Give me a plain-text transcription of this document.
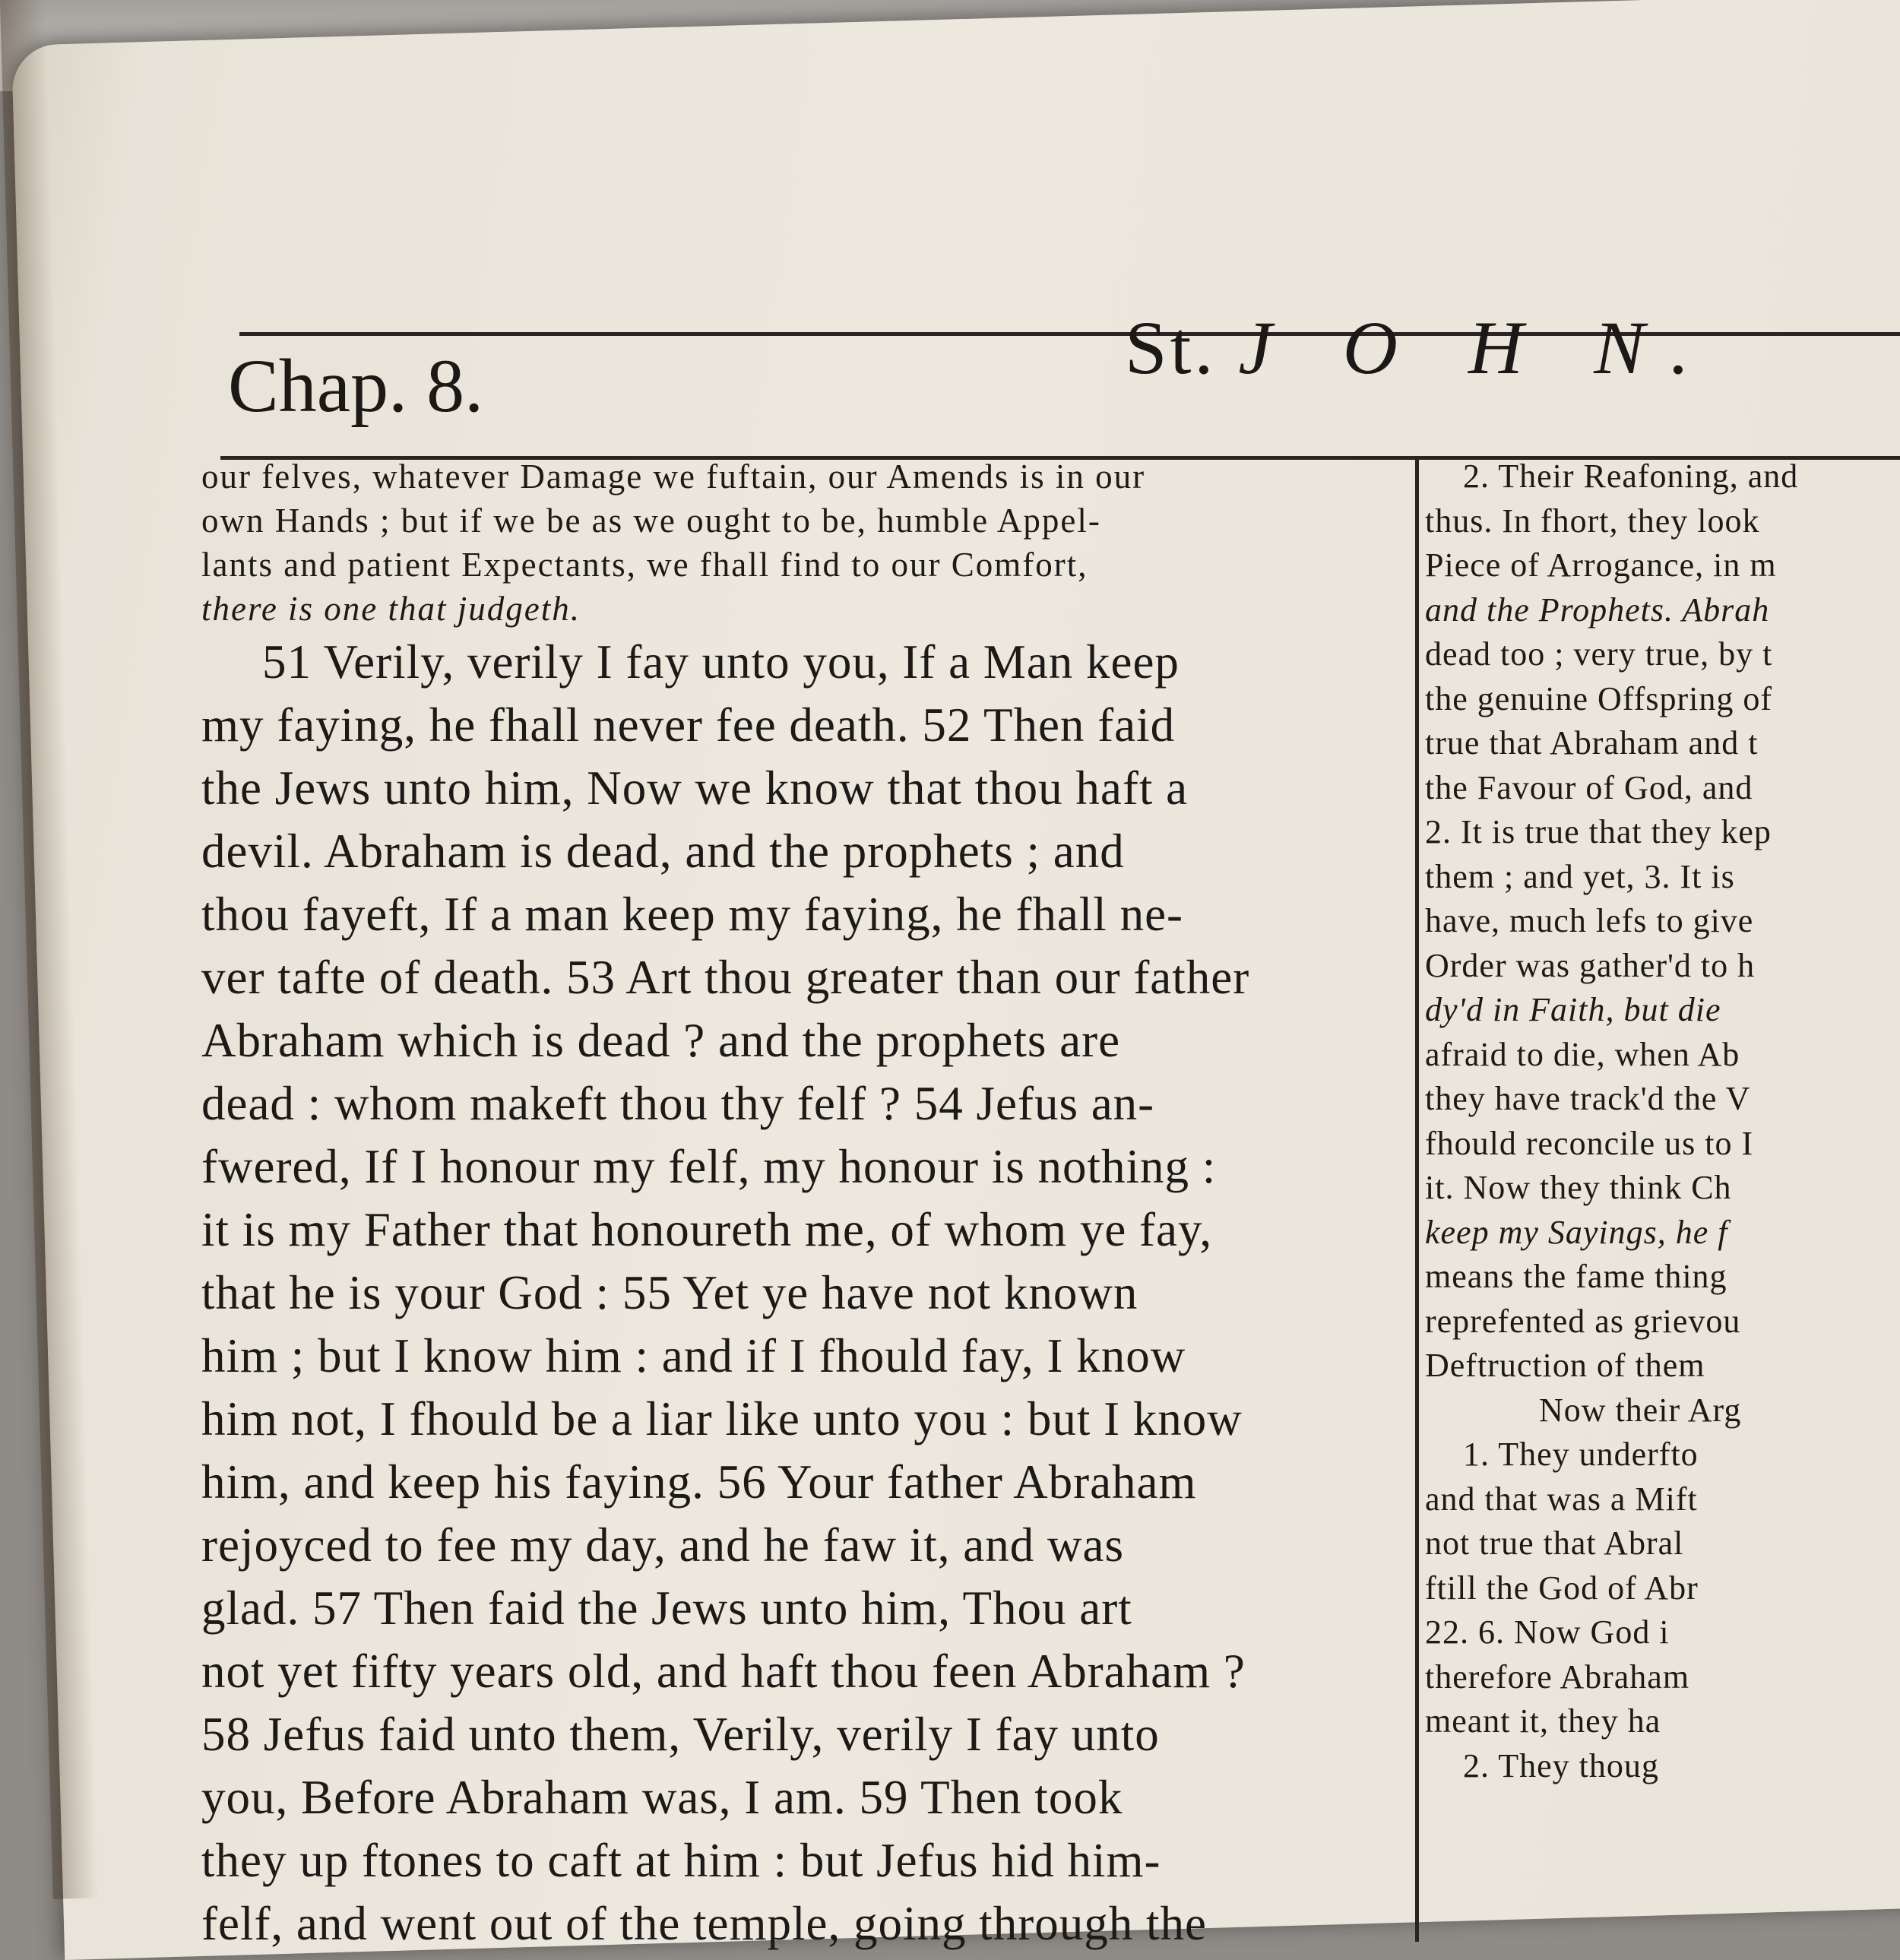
Chap. 8.	St. J O H N.
our felves, whatever Damage we fuftain, our Amends is in our
own Hands ; but if we be as we ought to be, humble Appel-
lants and patient Expectants, we fhall find to our Comfort,
there is one that judgeth.
51 Verily, verily I fay unto you, If a Man keep
my faying, he fhall never fee death. 52 Then faid
the Jews unto him, Now we know that thou haft a
devil. Abraham is dead, and the prophets ; and
thou fayeft, If a man keep my faying, he fhall ne-
ver tafte of death. 53 Art thou greater than our father
Abraham which is dead ? and the prophets are
dead : whom makeft thou thy felf ? 54 Jefus an-
fwered, If I honour my felf, my honour is nothing :
it is my Father that honoureth me, of whom ye fay,
that he is your God : 55 Yet ye have not known
him ; but I know him : and if I fhould fay, I know
him not, I fhould be a liar like unto you : but I know
him, and keep his faying. 56 Your father Abraham
rejoyced to fee my day, and he faw it, and was
glad. 57 Then faid the Jews unto him, Thou art
not yet fifty years old, and haft thou feen Abraham ?
58 Jefus faid unto them, Verily, verily I fay unto
you, Before Abraham was, I am. 59 Then took
they up ftones to caft at him : but Jefus hid him-
felf, and went out of the temple, going through the
2. Their Reafoning, and
thus. In fhort, they look
Piece of Arrogance, in m
and the Prophets. Abrah
dead too ; very true, by t
the genuine Offspring of
true that Abraham and t
the Favour of God, and
2. It is true that they kep
them ; and yet, 3. It is
have, much lefs to give
Order was gather'd to h
dy'd in Faith, but die
afraid to die, when Ab
they have track'd the V
fhould reconcile us to I
it. Now they think Ch
keep my Sayings, he f
means the fame thing
reprefented as grievou
Deftruction of them
Now their Arg
1. They underfto
and that was a Mift
not true that Abral
ftill the God of Abr
22. 6. Now God i
therefore Abraham
meant it, they ha
2. They thoug
